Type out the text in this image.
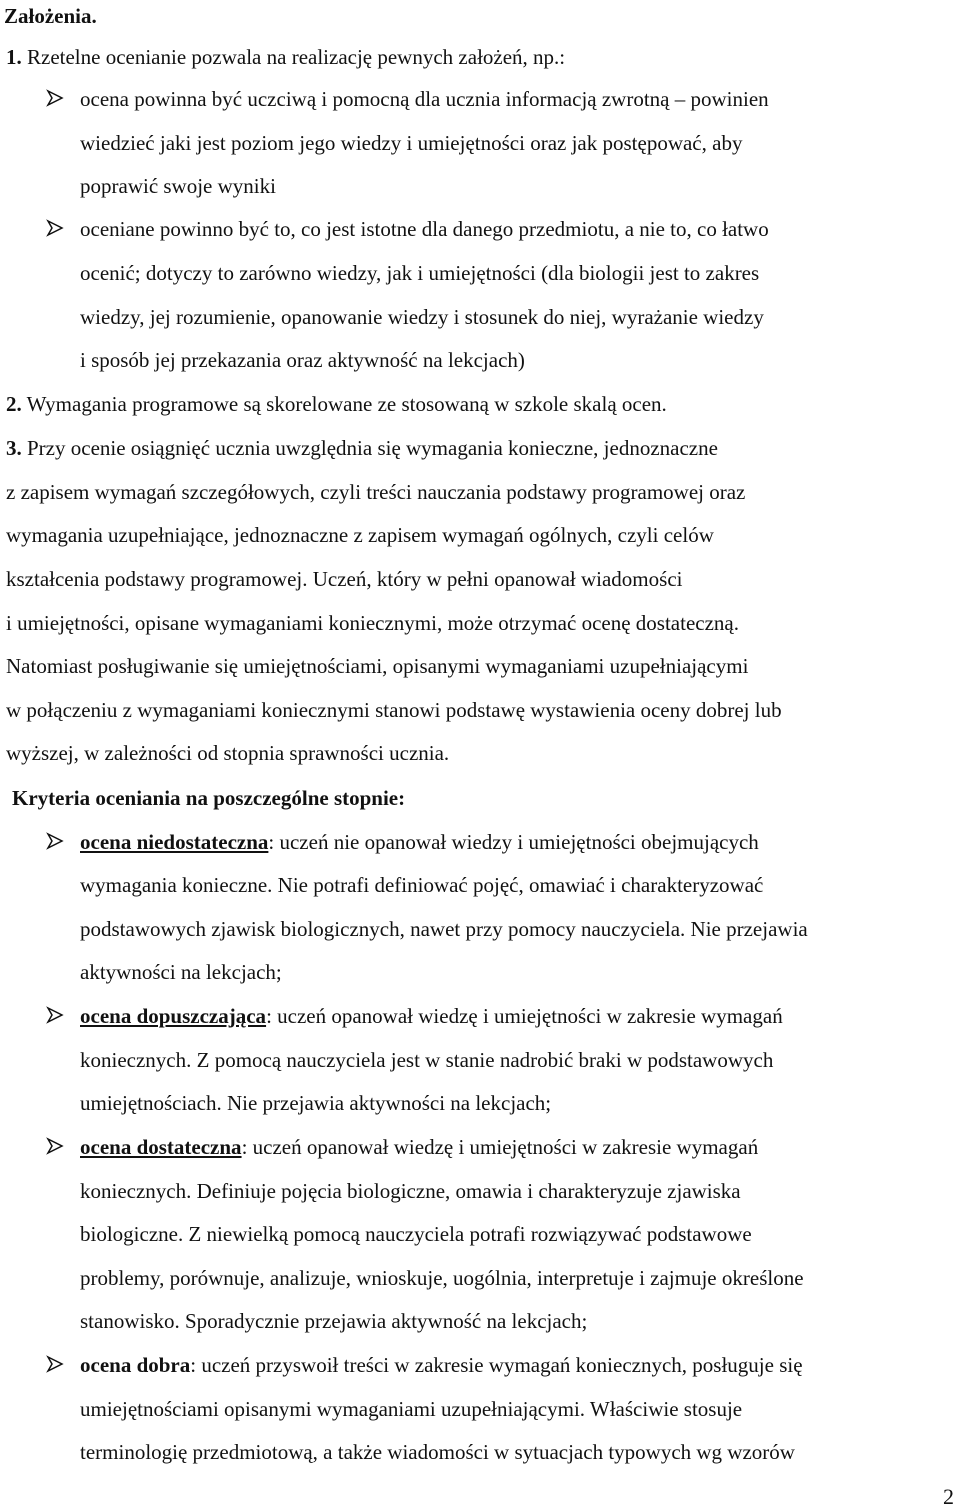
Założenia.
1. Rzetelne ocenianie pozwala na realizację pewnych założeń, np.:
ocena powinna być uczciwą i pomocną dla ucznia informacją zwrotną – powinien
wiedzieć jaki jest poziom jego wiedzy i umiejętności oraz jak postępować, aby
poprawić swoje wyniki
oceniane powinno być to, co jest istotne dla danego przedmiotu, a nie to, co łatwo
ocenić; dotyczy to zarówno wiedzy, jak i umiejętności (dla biologii jest to zakres
wiedzy, jej rozumienie, opanowanie wiedzy i stosunek do niej, wyrażanie wiedzy
i sposób jej przekazania oraz aktywność na lekcjach)
2. Wymagania programowe są skorelowane ze stosowaną w szkole skalą ocen.
3. Przy ocenie osiągnięć ucznia uwzględnia się wymagania konieczne, jednoznaczne
z zapisem wymagań szczegółowych, czyli treści nauczania podstawy programowej oraz
wymagania uzupełniające, jednoznaczne z zapisem wymagań ogólnych, czyli celów
kształcenia podstawy programowej. Uczeń, który w pełni opanował wiadomości
i umiejętności, opisane wymaganiami koniecznymi, może otrzymać ocenę dostateczną.
Natomiast posługiwanie się umiejętnościami, opisanymi wymaganiami uzupełniającymi
w połączeniu z wymaganiami koniecznymi stanowi podstawę wystawienia oceny dobrej lub
wyższej, w zależności od stopnia sprawności ucznia.
Kryteria oceniania na poszczególne stopnie:
ocena niedostateczna: uczeń nie opanował wiedzy i umiejętności obejmujących
wymagania konieczne. Nie potrafi definiować pojęć, omawiać i charakteryzować
podstawowych zjawisk biologicznych, nawet przy pomocy nauczyciela. Nie przejawia
aktywności na lekcjach;
ocena dopuszczająca: uczeń opanował wiedzę i umiejętności w zakresie wymagań
koniecznych. Z pomocą nauczyciela jest w stanie nadrobić braki w podstawowych
umiejętnościach. Nie przejawia aktywności na lekcjach;
ocena dostateczna: uczeń opanował wiedzę i umiejętności w zakresie wymagań
koniecznych. Definiuje pojęcia biologiczne, omawia i charakteryzuje zjawiska
biologiczne. Z niewielką pomocą nauczyciela potrafi rozwiązywać podstawowe
problemy, porównuje, analizuje, wnioskuje, uogólnia, interpretuje i zajmuje określone
stanowisko. Sporadycznie przejawia aktywność na lekcjach;
ocena dobra: uczeń przyswoił treści w zakresie wymagań koniecznych, posługuje się
umiejętnościami opisanymi wymaganiami uzupełniającymi. Właściwie stosuje
terminologię przedmiotową, a także wiadomości w sytuacjach typowych wg wzorów
2
